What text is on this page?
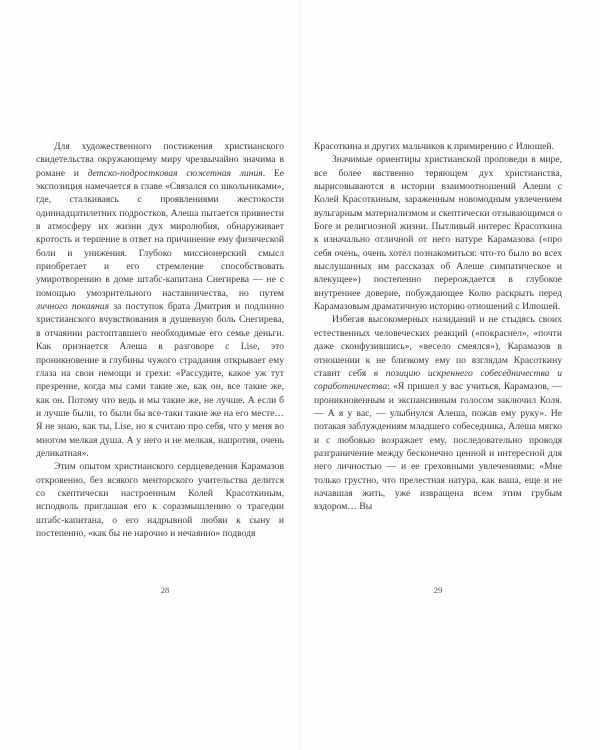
Для художественного постижения христианского свидетельства окружающему миру чрезвычайно значима в романе и детско-подростковая сюжетная линия. Ее экспозиция намечается в главе «Связался со школьниками», где, сталкиваясь с проявлениями жестокости одиннадцатилетних подростков, Алеша пытается привнести в атмосферу их жизни дух миролюбия, обнаруживает кротость и терпение в ответ на причинение ему физической боли и унижения. Глубоко миссионерский смысл приобретает и его стремление способствовать умиротворению в доме штабс-капитана Снегирева — не с помощью умозрительного наставничества, но путем личного покаяния за поступок брата Дмитрия и подлинно христианского вчувствования в душевную боль Снегирева, в отчаянии растоптавшего необходимые его семье деньги. Как признается Алеша в разговоре с Lise, это проникновение в глубины чужого страдания открывает ему глаза на свои немощи и грехи: «Рассудите, какое уж тут презрение, когда мы сами такие же, как он, все такие же, как он. Потому что ведь и мы такие же, не лучше. А если б и лучше были, то были бы все-таки такие же на его месте… Я не знаю, как ты, Lise, но я считаю про себя, что у меня во многом мелкая душа. А у него и не мелкая, напротив, очень деликатная».

Этим опытом христианского сердцеведения Карамазов откровенно, без всякого менторского учительства делится со скептически настроенным Колей Красоткиным, исподволь приглашая его к соразмышлению о трагедии штабс-капитана, о его надрывной любви к сыну и постепенно, «как бы не нарочно и нечаянно» подводя

Красоткина и других мальчиков к примирению с Илюшей.

Значимые ориентиры христианской проповеди в мире, все более явственно теряющем дух христианства, вырисовываются в истории взаимоотношений Алеши с Колей Красоткиным, зараженным новомодным увлечением вульгарным материализмом и скептически отзывающимся о Боге и религиозной жизни. Пытливый интерес Красоткина к изначально отличной от него натуре Карамазова («про себя очень, очень хотел познакомиться: что-то было во всех выслушанных им рассказах об Алеше симпатическое и влекущее») постепенно перерождается в глубокое внутреннее доверие, побуждающее Колю раскрыть перед Карамазовым драматичную историю отношений с Илюшей.

Избегая высокомерных назиданий и не стыдясь своих естественных человеческих реакций («покраснел», «почти даже сконфузившись», «весело смеялся»), Карамазов в отношении к не близкому ему по взглядам Красоткину ставит себя в позицию искреннего собеседничества и соработничества: «Я пришел у вас учиться, Карамазов, — проникновенным и экспансивным голосом заключил Коля. — А я у вас, — улыбнулся Алеша, пожав ему руку». Не потакая заблуждениям младшего собеседника, Алеша мягко и с любовью возражает ему, последовательно проводя разграничение между бесконечно ценной и интересной для него личностью — и ее греховными увлечениями: «Мне только грустно, что прелестная натура, как ваша, еще и не начавшая жить, уже извращена всем этим грубым вздором… Вы

28	29
